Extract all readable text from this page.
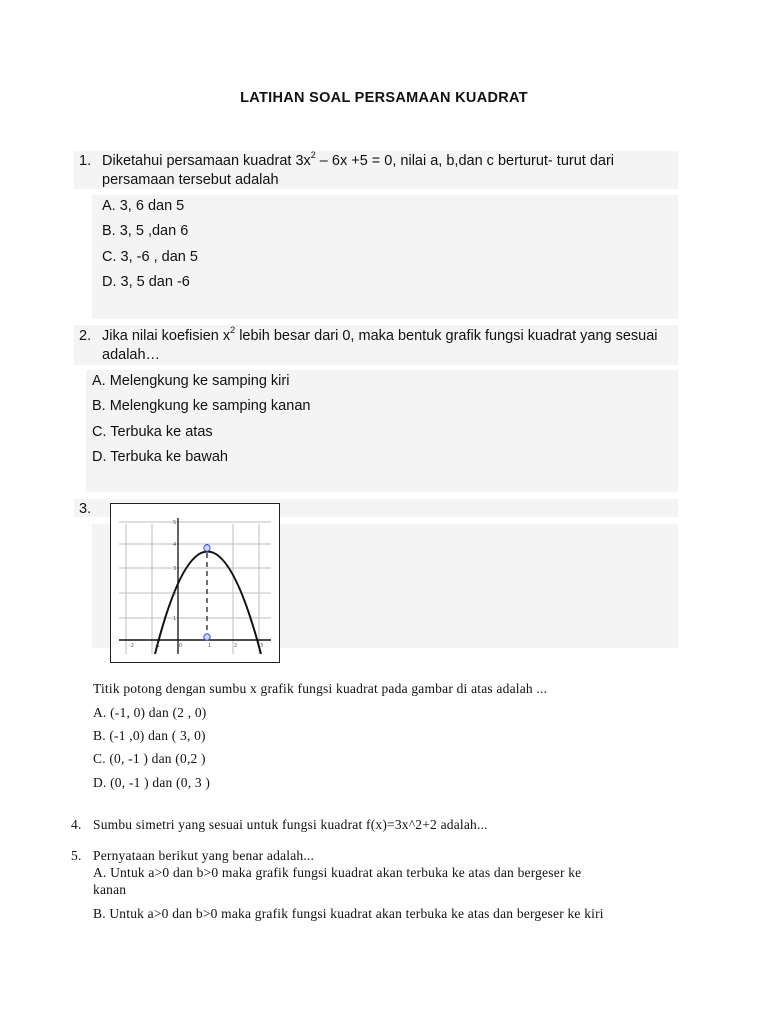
LATIHAN SOAL PERSAMAAN KUADRAT
1. Diketahui persamaan kuadrat $3x^2 - 6x +5 = 0$, nilai a, b,dan c berturut- turut dari
persamaan tersebut adalah
A. 3, 6 dan 5
B. 3, 5 ,dan 6
C. 3, -6 , dan 5
D. 3, 5 dan -6
2. Jika nilai koefisien $x^2$ lebih besar dari 0, maka bentuk grafik fungsi kuadrat yang sesuai
adalah…
A. Melengkung ke samping kiri
B. Melengkung ke samping kanan
C. Terbuka ke atas
D. Terbuka ke bawah
3.
-2	-1	0	1	2	3
1
2
3
4
5
Titik potong dengan sumbu x grafik fungsi kuadrat pada gambar di atas adalah ...
A. (-1, 0) dan (2 , 0)
B. (-1 ,0) dan ( 3, 0)
C. (0, -1 ) dan (0,2 )
D. (0, -1 ) dan (0, 3 )
4. Sumbu simetri yang sesuai untuk fungsi kuadrat f(x)=3x^2+2 adalah...
5. Pernyataan berikut yang benar adalah...
A. Untuk a>0 dan b>0 maka grafik fungsi kuadrat akan terbuka ke atas dan bergeser ke
kanan
B. Untuk a>0 dan b>0 maka grafik fungsi kuadrat akan terbuka ke atas dan bergeser ke kiri
